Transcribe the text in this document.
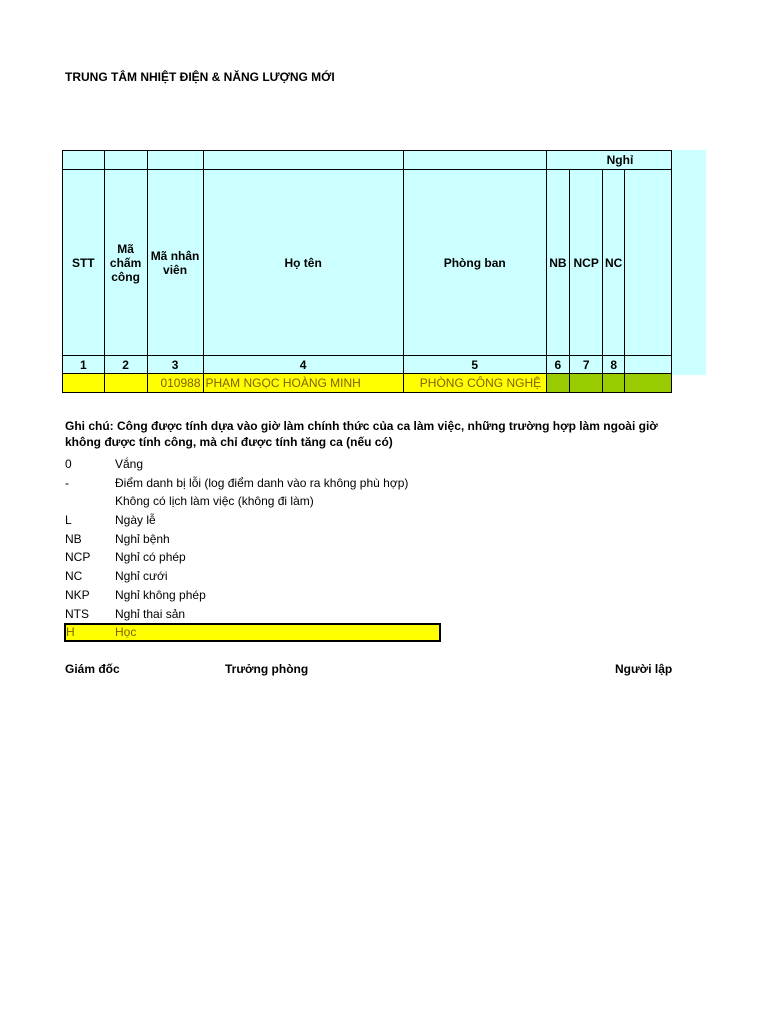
TRUNG TÂM NHIỆT ĐIỆN & NĂNG LƯỢNG MỚI
					Nghỉ			
STT	Mã chấm công	Mã nhân viên	Họ tên	Phòng ban	NB	NCP	NC	
1	2	3	4	5	6	7	8	
		010988	PHẠM NGỌC HOÀNG MINH	PHÒNG CÔNG NGHỆ				
Ghi chú: Công được tính dựa vào giờ làm chính thức của ca làm việc, những trường hợp làm ngoài giờ
không được tính công, mà chỉ được tính tăng ca (nếu có)
0	Vắng
-	Điểm danh bị lỗi (log điểm danh vào ra không phù hợp)
Không có lịch làm việc (không đi làm)
L	Ngày lễ
NB	Nghỉ bệnh
NCP Nghỉ có phép
NC	Nghỉ cưới
NKP Nghỉ không phép
NTS Nghỉ thai sản
H	Học
Giám đốc	Trưởng phòng	Người lập
